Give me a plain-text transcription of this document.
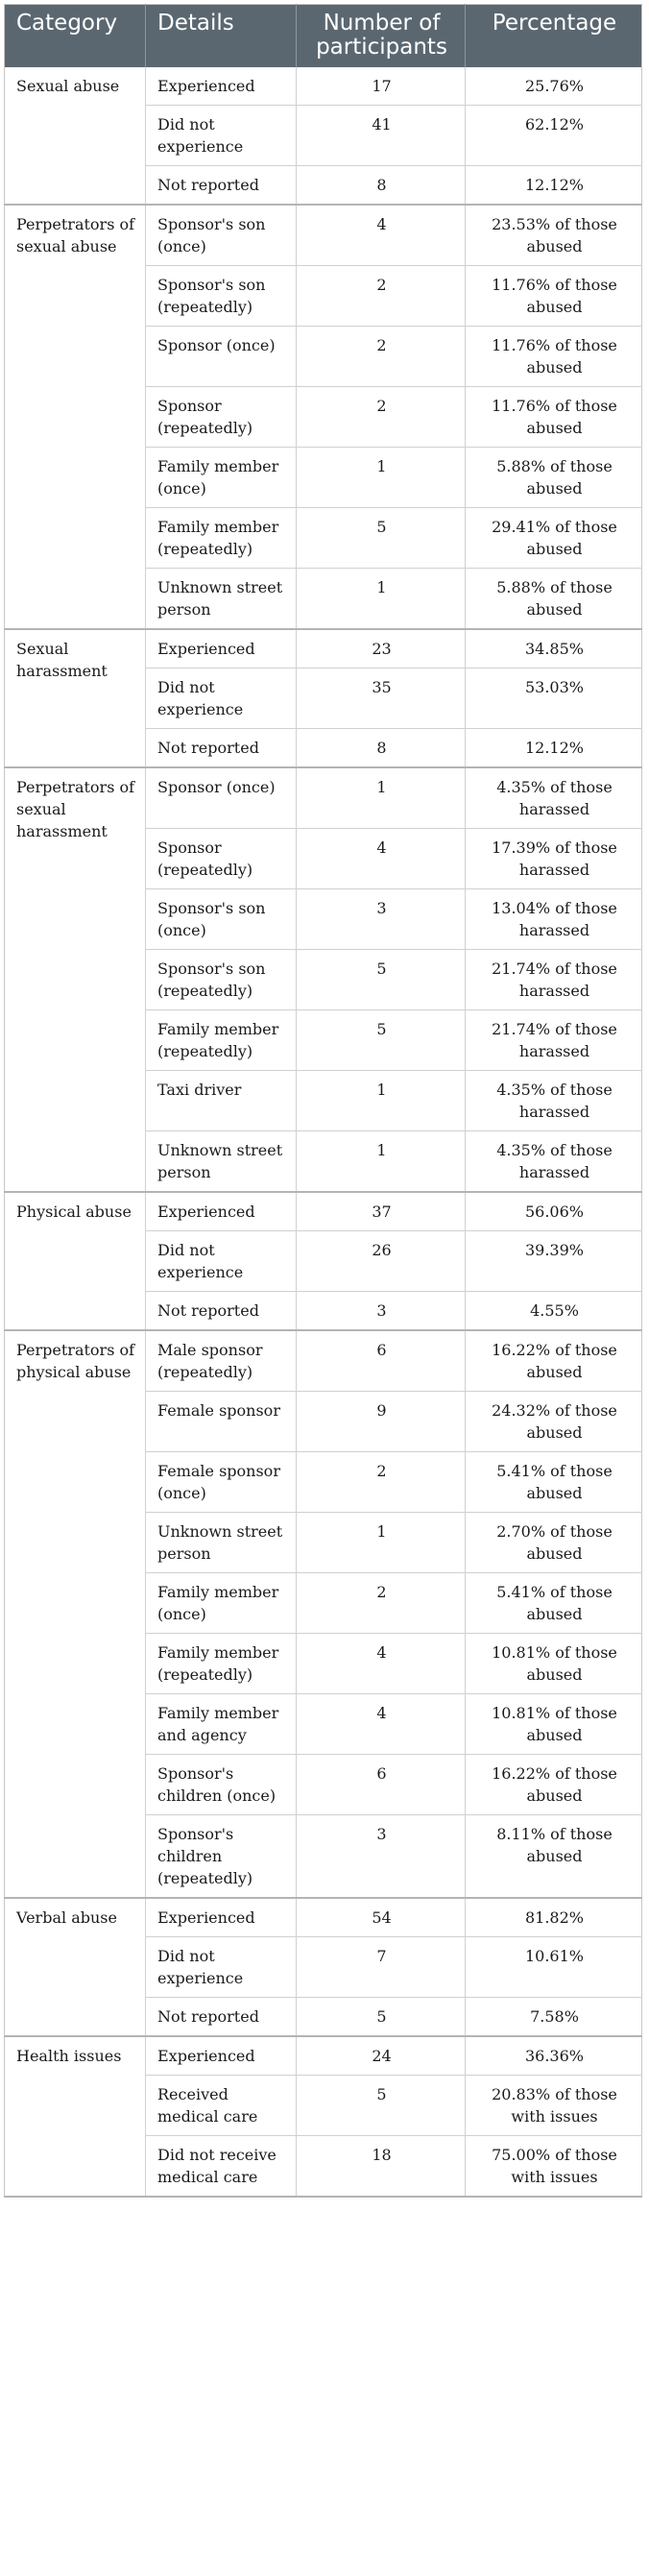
Category	Details	Number of participants	Percentage
Sexual abuse	Experienced	17	25.76%
	Did not experience	41	62.12%
	Not reported	8	12.12%
Perpetrators of sexual abuse	Sponsor's son (once)	4	23.53% of those abused
	Sponsor's son (repeatedly)	2	11.76% of those abused
	Sponsor (once)	2	11.76% of those abused
	Sponsor (repeatedly)	2	11.76% of those abused
	Family member (once)	1	5.88% of those abused
	Family member (repeatedly)	5	29.41% of those abused
	Unknown street person	1	5.88% of those abused
Sexual harassment	Experienced	23	34.85%
	Did not experience	35	53.03%
	Not reported	8	12.12%
Perpetrators of sexual harassment	Sponsor (once)	1	4.35% of those harassed
	Sponsor (repeatedly)	4	17.39% of those harassed
	Sponsor's son (once)	3	13.04% of those harassed
	Sponsor's son (repeatedly)	5	21.74% of those harassed
	Family member (repeatedly)	5	21.74% of those harassed
	Taxi driver	1	4.35% of those harassed
	Unknown street person	1	4.35% of those harassed
Physical abuse	Experienced	37	56.06%
	Did not experience	26	39.39%
	Not reported	3	4.55%
Perpetrators of physical abuse	Male sponsor (repeatedly)	6	16.22% of those abused
	Female sponsor	9	24.32% of those abused
	Female sponsor (once)	2	5.41% of those abused
	Unknown street person	1	2.70% of those abused
	Family member (once)	2	5.41% of those abused
	Family member (repeatedly)	4	10.81% of those abused
	Family member and agency	4	10.81% of those abused
	Sponsor's children (once)	6	16.22% of those abused
	Sponsor's children (repeatedly)	3	8.11% of those abused
Verbal abuse	Experienced	54	81.82%
	Did not experience	7	10.61%
	Not reported	5	7.58%
Health issues	Experienced	24	36.36%
	Received medical care	5	20.83% of those with issues
	Did not receive medical care	18	75.00% of those with issues
